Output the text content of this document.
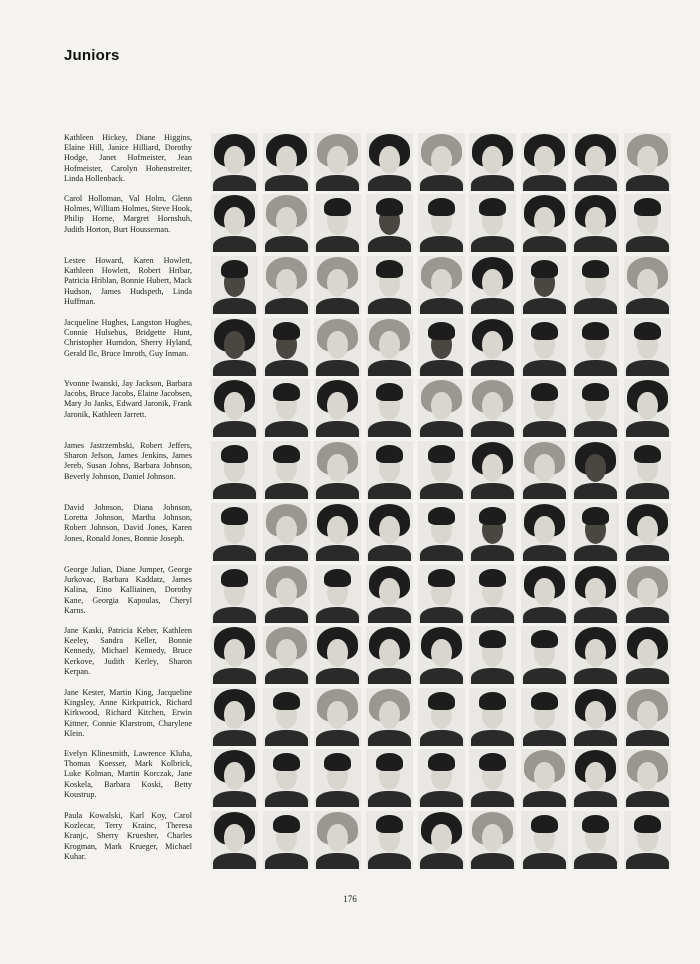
Juniors
Kathleen Hickey, Diane Higgins, Elaine Hill, Janice Hilliard, Dorothy Hodge, Janet Hofmeister, Jean Hofmeister, Carolyn Hohenstreiter, Linda Hollenback.
Carol Holloman, Val Holm, Glenn Holmes, William Holmes, Steve Hook, Philip Horne, Margret Hornshuh, Judith Horton, Burt Housseman.
Lestee Howard, Karen Howlett, Kathleen Howlett, Robert Hribar, Patricia Hriblan, Bonnie Hubert, Mack Hudson, James Hudspeth, Linda Huffman.
Jacqueline Hughes, Langston Hughes, Connie Hulsebus, Bridgette Hunt, Christopher Hurndon, Sherry Hyland, Gerald Ilc, Bruce Imroth, Guy Inman.
Yvonne Iwanski, Jay Jackson, Barbara Jacobs, Bruce Jacobs, Elaine Jacobsen, Mary Jo Janks, Edward Jaronik, Frank Jaronik, Kathleen Jarrett.
James Jastrzembski, Robert Jeffers, Sharon Jefson, James Jenkins, James Jereb, Susan Johns, Barbara Johnson, Beverly Johnson, Daniel Johnson.
David Johnson, Diana Johnson, Loretta Johnson, Martha Johnson, Robert Johnson, David Jones, Karen Jones, Ronald Jones, Bonnie Joseph.
George Julian, Diane Jumper, George Jurkovac, Barbara Kaddatz, James Kalina, Eino Kalliainen, Dorothy Kane, Georgia Kapoulas, Cheryl Karns.
Jane Kaski, Patricia Keber, Kathleen Keeley, Sandra Keller, Bonnie Kennedy, Michael Kennedy, Bruce Kerkove, Judith Kerley, Sharon Kerpan.
Jane Kester, Martin King, Jacqueline Kingsley, Anne Kirkpatrick, Richard Kirkwood, Richard Kitchen, Erwin Kittner, Connie Klarstrom, Charylene Klein.
Evelyn Klinesmith, Lawrence Kluha, Thomas Koesser, Mark Kolbrick, Luke Kolman, Martin Korczak, Jane Koskela, Barbara Koski, Betty Koustrup.
Paula Kowalski, Karl Koy, Carol Kozlecar, Terry Krainc, Theresa Kranjc, Sherry Kruesher, Charles Krogman, Mark Krueger, Michael Kuhar.
176
